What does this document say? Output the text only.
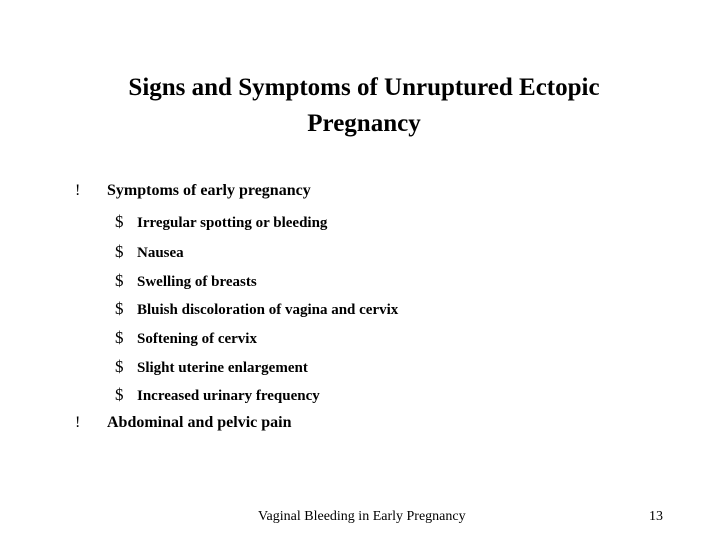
Signs and Symptoms of Unruptured Ectopic
Pregnancy
!	Symptoms of early pregnancy
$ Irregular spotting or bleeding
$ Nausea
$ Swelling of breasts
$ Bluish discoloration of vagina and cervix
$ Softening of cervix
$ Slight uterine enlargement
$ Increased urinary frequency
!	Abdominal and pelvic pain
Vaginal Bleeding in Early Pregnancy	13
